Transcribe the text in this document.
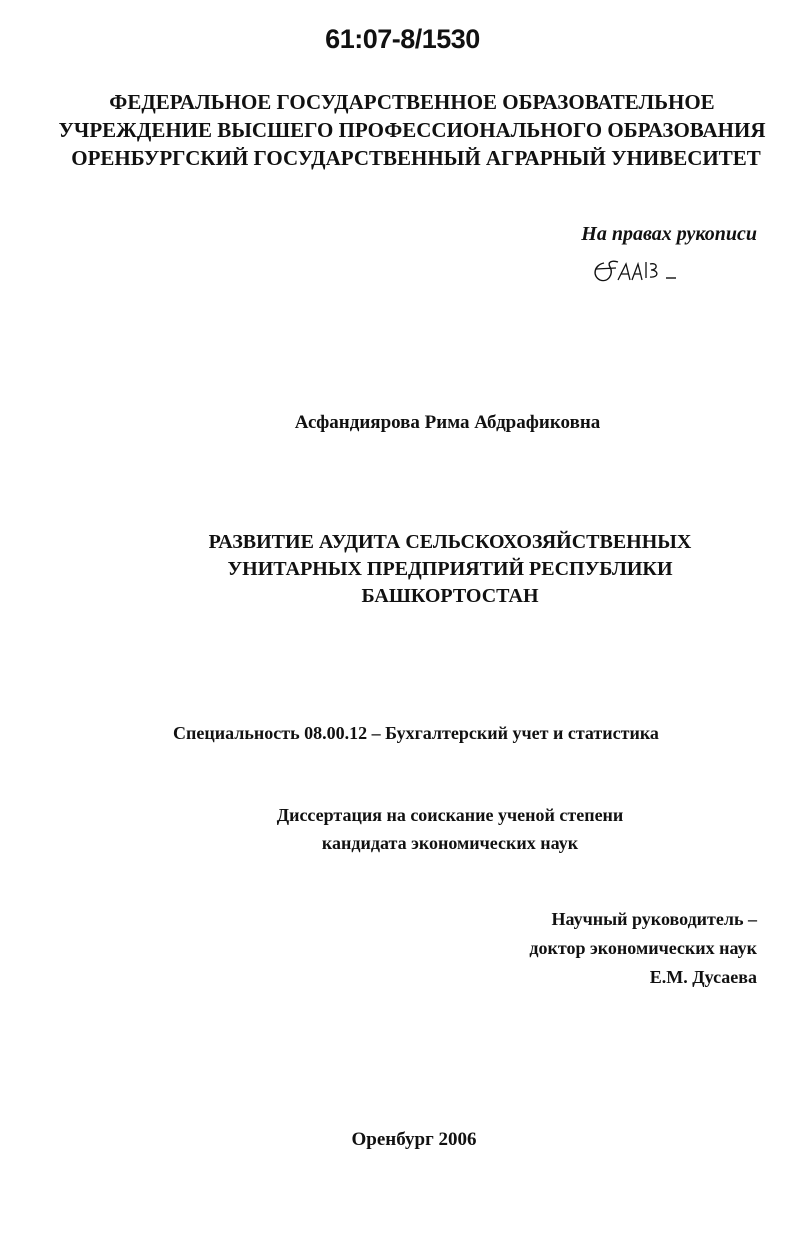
61:07-8/1530
ФЕДЕРАЛЬНОЕ ГОСУДАРСТВЕННОЕ ОБРАЗОВАТЕЛЬНОЕ
УЧРЕЖДЕНИЕ ВЫСШЕГО ПРОФЕССИОНАЛЬНОГО ОБРАЗОВАНИЯ
ОРЕНБУРГСКИЙ ГОСУДАРСТВЕННЫЙ АГРАРНЫЙ УНИВЕСИТЕТ
На правах рукописи
Асфандиярова Рима Абдрафиковна
РАЗВИТИЕ АУДИТА СЕЛЬСКОХОЗЯЙСТВЕННЫХ
УНИТАРНЫХ ПРЕДПРИЯТИЙ РЕСПУБЛИКИ
БАШКОРТОСТАН
Специальность 08.00.12 – Бухгалтерский учет и статистика
Диссертация на соискание ученой степени
кандидата экономических наук
Научный руководитель –
доктор экономических наук
Е.М. Дусаева
Оренбург 2006
